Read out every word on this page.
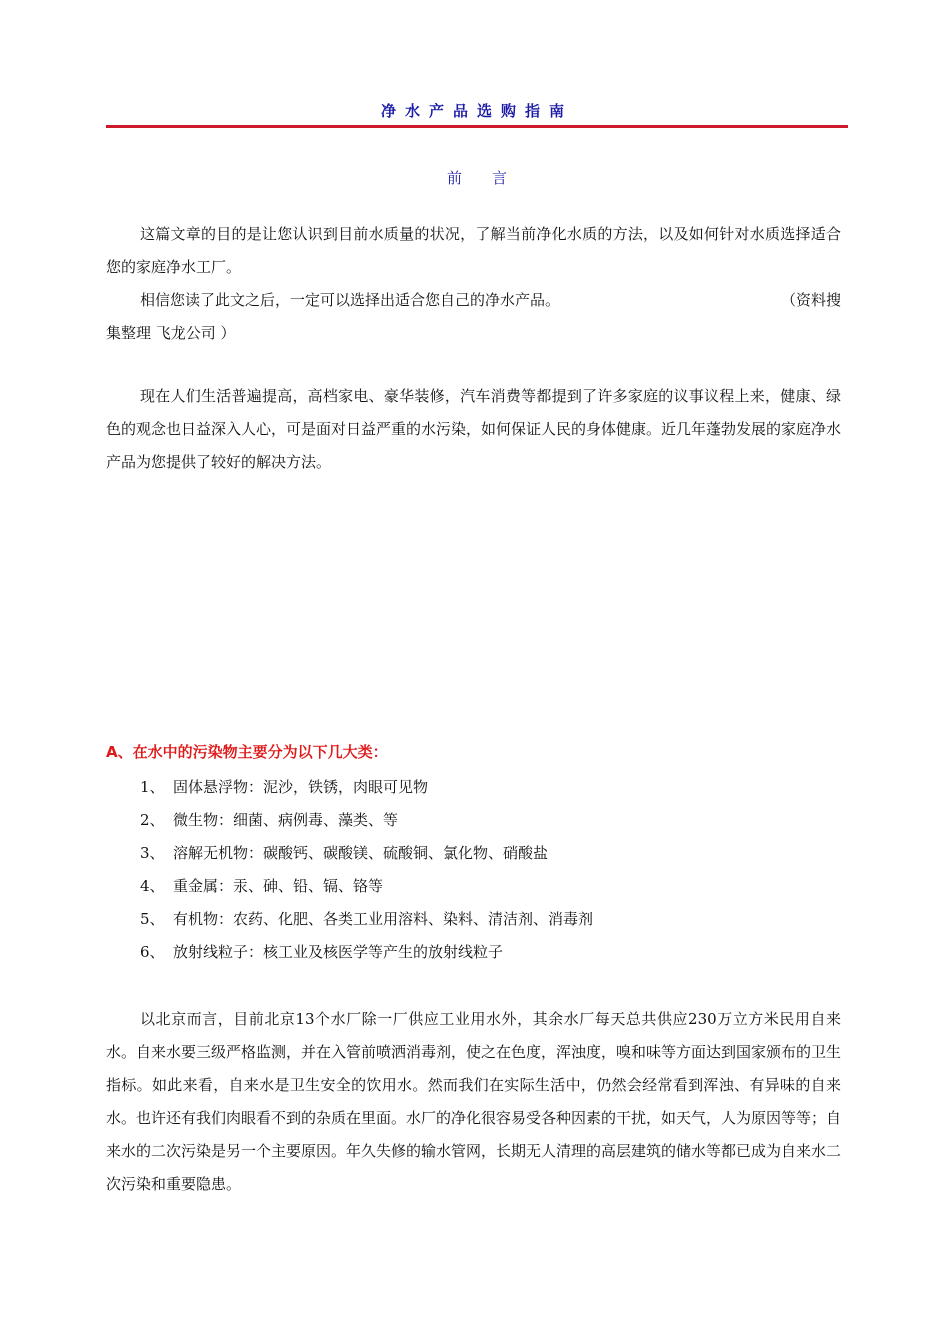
净水产品选购指南
前言

这篇文章的目的是让您认识到目前水质量的状况，了解当前净化水质的方法，以及如何针对水质选择适合您的家庭净水工厂。

相信您读了此文之后，一定可以选择出适合您自己的净水产品。	（资料搜

集整理 飞龙公司 ）

现在人们生活普遍提高，高档家电、豪华装修，汽车消费等都提到了许多家庭的议事议程上来，健康、绿色的观念也日益深入人心，可是面对日益严重的水污染，如何保证人民的身体健康。近几年蓬勃发展的家庭净水产品为您提供了较好的解决方法。

A、在水中的污染物主要分为以下几大类：
1、 固体悬浮物：泥沙，铁锈，肉眼可见物
2、 微生物：细菌、病例毒、藻类、等
3、 溶解无机物：碳酸钙、碳酸镁、硫酸铜、氯化物、硝酸盐
4、 重金属：汞、砷、铅、镉、铬等
5、 有机物：农药、化肥、各类工业用溶料、染料、清洁剂、消毒剂
6、 放射线粒子：核工业及核医学等产生的放射线粒子

以北京而言，目前北京13个水厂除一厂供应工业用水外，其余水厂每天总共供应230万立方米民用自来水。自来水要三级严格监测，并在入管前喷洒消毒剂，使之在色度，浑浊度，嗅和味等方面达到国家颁布的卫生指标。如此来看，自来水是卫生安全的饮用水。然而我们在实际生活中，仍然会经常看到浑浊、有异味的自来水。也许还有我们肉眼看不到的杂质在里面。水厂的净化很容易受各种因素的干扰，如天气，人为原因等等；自来水的二次污染是另一个主要原因。年久失修的输水管网，长期无人清理的高层建筑的储水等都已成为自来水二次污染和重要隐患。
